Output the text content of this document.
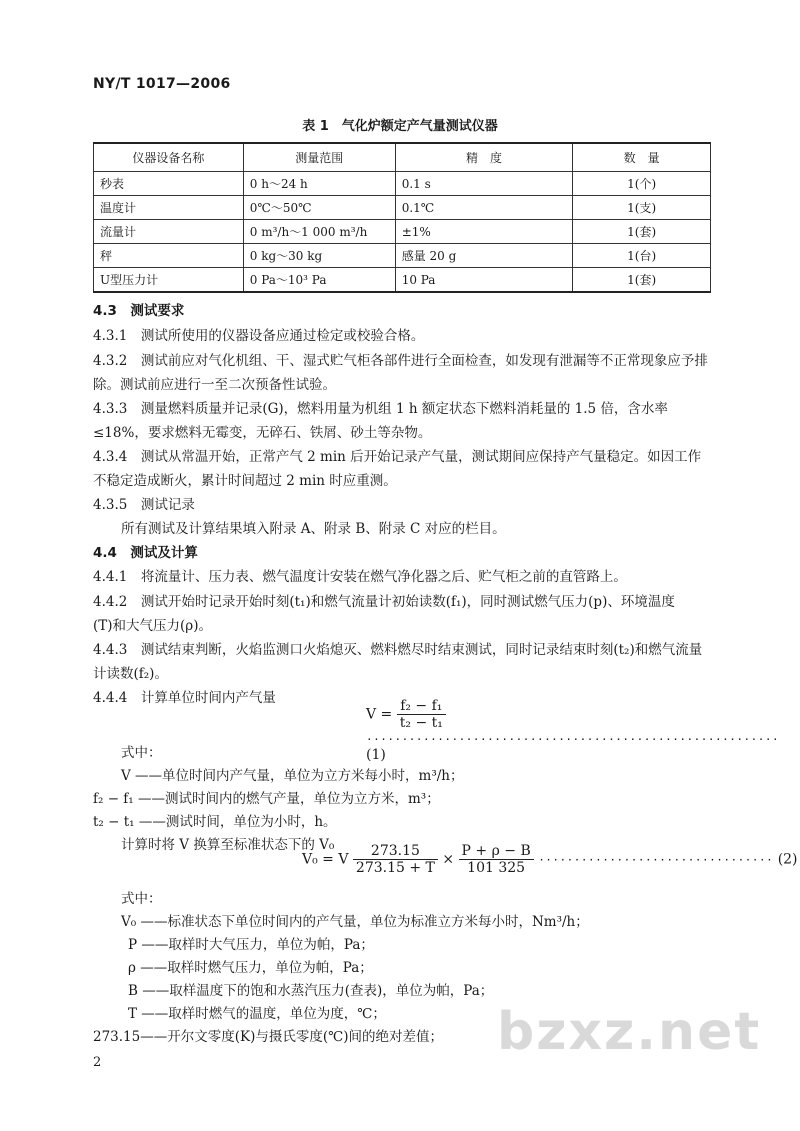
NY/T 1017—2006
表 1　气化炉额定产气量测试仪器
仪器设备名称	测量范围	精　度	数　量
秒表	0 h～24 h	0.1 s	1(个)
温度计	0℃～50℃	0.1℃	1(支)
流量计	0 m³/h～1 000 m³/h	±1%	1(套)
秤	0 kg～30 kg	感量 20 g	1(台)
U型压力计	0 Pa～10³ Pa	10 Pa	1(套)
4.3　测试要求
4.3.1　测试所使用的仪器设备应通过检定或校验合格。
4.3.2　测试前应对气化机组、干、湿式贮气柜各部件进行全面检查，如发现有泄漏等不正常现象应予排
除。测试前应进行一至二次预备性试验。
4.3.3　测量燃料质量并记录(G)，燃料用量为机组 1 h 额定状态下燃料消耗量的 1.5 倍，含水率
≤18%，要求燃料无霉变，无碎石、铁屑、砂土等杂物。
4.3.4　测试从常温开始，正常产气 2 min 后开始记录产气量，测试期间应保持产气量稳定。如因工作
不稳定造成断火，累计时间超过 2 min 时应重测。
4.3.5　测试记录
所有测试及计算结果填入附录 A、附录 B、附录 C 对应的栏目。
4.4　测试及计算
4.4.1　将流量计、压力表、燃气温度计安装在燃气净化器之后、贮气柜之前的直管路上。
4.4.2　测试开始时记录开始时刻(t₁)和燃气流量计初始读数(f₁)，同时测试燃气压力(p)、环境温度
(T)和大气压力(ρ)。
4.4.3　测试结束判断，火焰监测口火焰熄灭、燃料燃尽时结束测试，同时记录结束时刻(t₂)和燃气流量
计读数(f₂)。
4.4.4　计算单位时间内产气量
$V = \frac{\text{f₂ − f₁}}{\text{t₂ − t₁}}$
·························································· (1)
式中：
V ——单位时间内产气量，单位为立方米每小时，m³/h；
f₂ − f₁ ——测试时间内的燃气产量，单位为立方米，m³；
t₂ − t₁ ——测试时间，单位为小时，h。
计算时将 V 换算至标准状态下的 V₀
V₀ = V $\frac{273.15}{273.15 + T} \times \frac{P + \rho - B}{101 325}$ ································· (2)
式中：
V₀ ——标准状态下单位时间内的产气量，单位为标准立方米每小时，Nm³/h；
P ——取样时大气压力，单位为帕，Pa；
ρ ——取样时燃气压力，单位为帕，Pa；
B ——取样温度下的饱和水蒸汽压力(查表)，单位为帕，Pa；
T ——取样时燃气的温度，单位为度，℃；
273.15——开尔文零度(K)与摄氏零度(℃)间的绝对差值； bzxz.net
2
